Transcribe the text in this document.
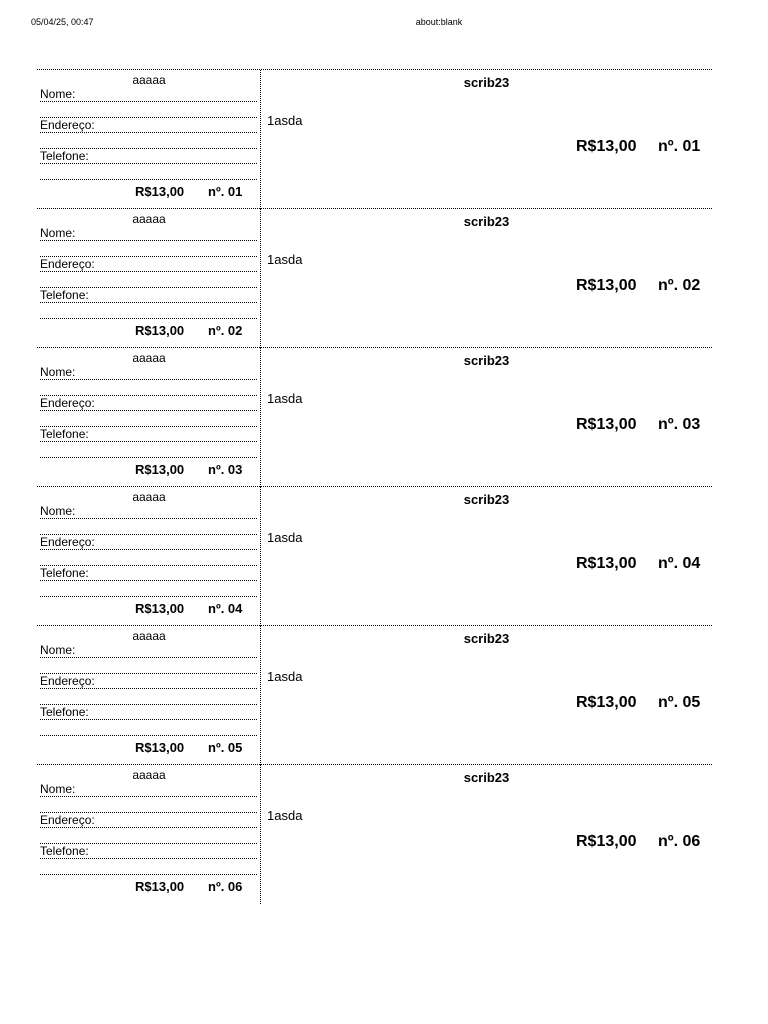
05/04/25, 00:47	about:blank
aaaaa
Nome:
Endereço:
Telefone:
R$13,00 nº. 01
scrib23
1asda
R$13,00 nº. 01
aaaaa
Nome:
Endereço:
Telefone:
R$13,00 nº. 02
scrib23
1asda
R$13,00 nº. 02
aaaaa
Nome:
Endereço:
Telefone:
R$13,00 nº. 03
scrib23
1asda
R$13,00 nº. 03
aaaaa
Nome:
Endereço:
Telefone:
R$13,00 nº. 04
scrib23
1asda
R$13,00 nº. 04
aaaaa
Nome:
Endereço:
Telefone:
R$13,00 nº. 05
scrib23
1asda
R$13,00 nº. 05
aaaaa
Nome:
Endereço:
Telefone:
R$13,00 nº. 06
scrib23
1asda
R$13,00 nº. 06
